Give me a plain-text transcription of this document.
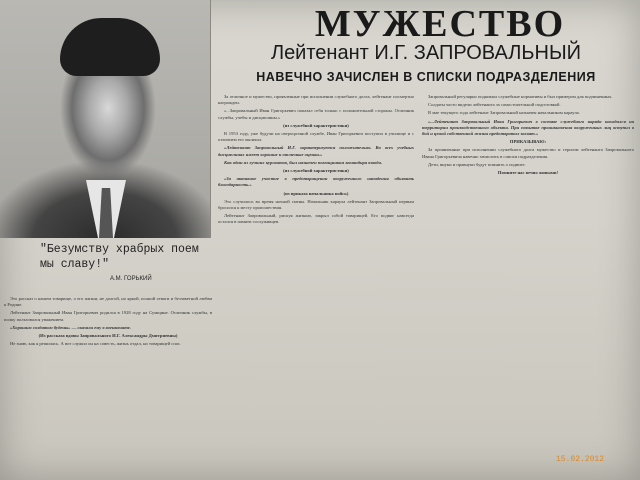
"Безумству храбрых поем мы славу!"
А.М. ГОРЬКИЙ
МУЖЕСТВО
Лейтенант И.Г. ЗАПРОВАЛЬНЫЙ
НАВЕЧНО ЗАЧИСЛЕН В СПИСКИ ПОДРАЗДЕЛЕНИЯ

Это рассказ о нашем товарище, о его жизни, не долгой, но яркой, полной отваги и беззаветной любви к Родине.

Лейтенант Запровальный Иван Григорьевич родился в 1928 году на Сумщине. Отличник службы, в полку пользовался уважением.

«Хорошим солдатом будешь» — сказали ему в военкомате.

(Из рассказа вдовы Запровального И.Г. Александры Дмитриевны)

Не знаю, как я решилась. А вот служил он на совесть, жизнь отдал, но товарищей спас.

За отличное и мужество, проявленные при исполнении служебного долга, лейтенант посмертно награжден.

«...Запровальный Иван Григорьевич показал себя только с положительной стороны. Отличник службы, учебы и дисциплины.»

(из служебной характеристики)

В 1953 году, уже будучи на сверхсрочной службе, Иван Григорьевич поступил в училище и с отличием его окончил.

«Лейтенант Запровальный И.Г. характеризуется положительно. Во всех учебных дисциплинах имеет хорошие и отличные оценки.»

Как один из лучших курсантов, был назначен помощником командира взвода.

(из служебной характеристики)

«За активное участие в предотвращении вооруженного нападения объявить благодарность.»

(из приказа начальника войск)

Это случилось во время ночной смены. Начальник караула лейтенант Запровальный первым бросился к месту происшествия.

Лейтенант Запровальный, рискуя жизнью, закрыл собой товарищей. Его подвиг навсегда остался в памяти сослуживцев.

Запровальный регулярно поднимал служебные нормативы и был примером для подчиненных.

Солдаты часто видели лейтенанта за самостоятельной подготовкой.

В мае текущего года лейтенант Запровальный назначен начальником караула.

«...Лейтенант Запровальный Иван Григорьевич в составе служебного наряда находился на территории производственного объекта. При попытке проникновения вооруженных лиц вступил в бой и ценой собственной жизни предотвратил захват.»

ПРИКАЗЫВАЮ:

За проявленные при исполнении служебного долга мужество и героизм лейтенанта Запровального Ивана Григорьевича навечно зачислить в списки подразделения.

Дети, внуки и правнуки будут помнить о подвиге.

Помните нас вечно живыми!

15.02.2012
